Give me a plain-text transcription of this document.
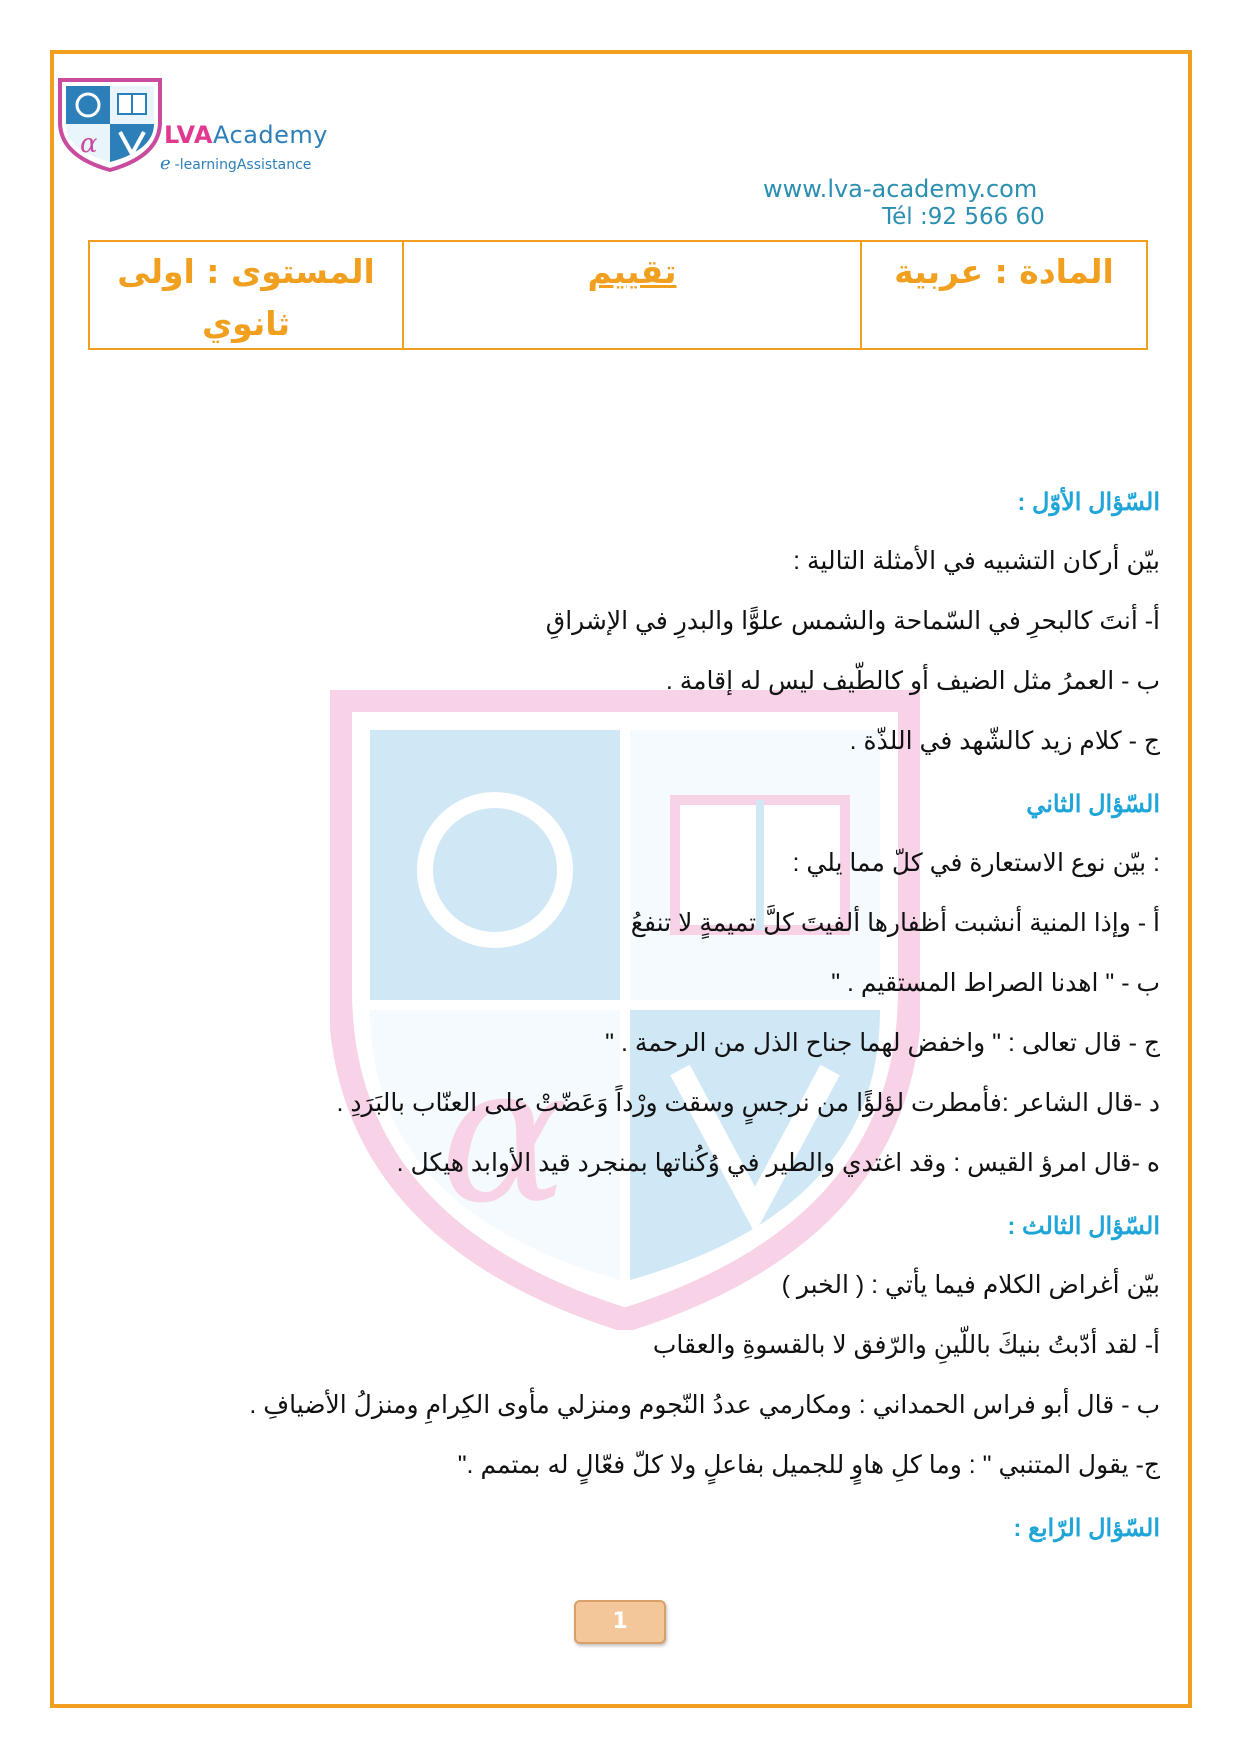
α	LVAAcademy
e -learningAssistance
www.lva-academy.com
Tél :92 566 60
المادة : عربية
تقييم
المستوى : اولى
ثانوي
α
السّؤال الأوّل :
بيّن أركان التشبيه في الأمثلة التالية :
أ- أنتَ كالبحرِ في السّماحة والشمس علوًّا والبدرِ في الإشراقِ
ب - العمرُ مثل الضيف أو كالطّيف ليس له إقامة .
ج - كلام زيد كالشّهد في اللذّة .
السّؤال الثاني
: بيّن نوع الاستعارة في كلّ مما يلي :
أ - وإذا المنية أنشبت أظفارها ألفيتَ كلَّ تميمةٍ لا تنفعُ
ب - " اهدنا الصراط المستقيم . "
ج - قال تعالى : " واخفض لهما جناح الذل من الرحمة . "
د -قال الشاعر :فأمطرت لؤلؤًا من نرجسٍ وسقت ورْداً وَعَضّتْ على العنّاب بالبَرَدِ .
ه -قال امرؤ القيس : وقد اغتدي والطير في وُكُناتها بمنجرد قيد الأوابد هيكل .
السّؤال الثالث :
بيّن أغراض الكلام فيما يأتي : ( الخبر )
أ- لقد أدّبتُ بنيكَ باللّينِ والرّفق لا بالقسوةِ والعقاب
ب - قال أبو فراس الحمداني : ومكارمي عددُ النّجوم ومنزلي مأوى الكِرامِ ومنزلُ الأضيافِ .
ج- يقول المتنبي " : وما كلِ هاوٍ للجميل بفاعلٍ ولا كلّ فعّالٍ له بمتمم ."
السّؤال الرّابع :
1
